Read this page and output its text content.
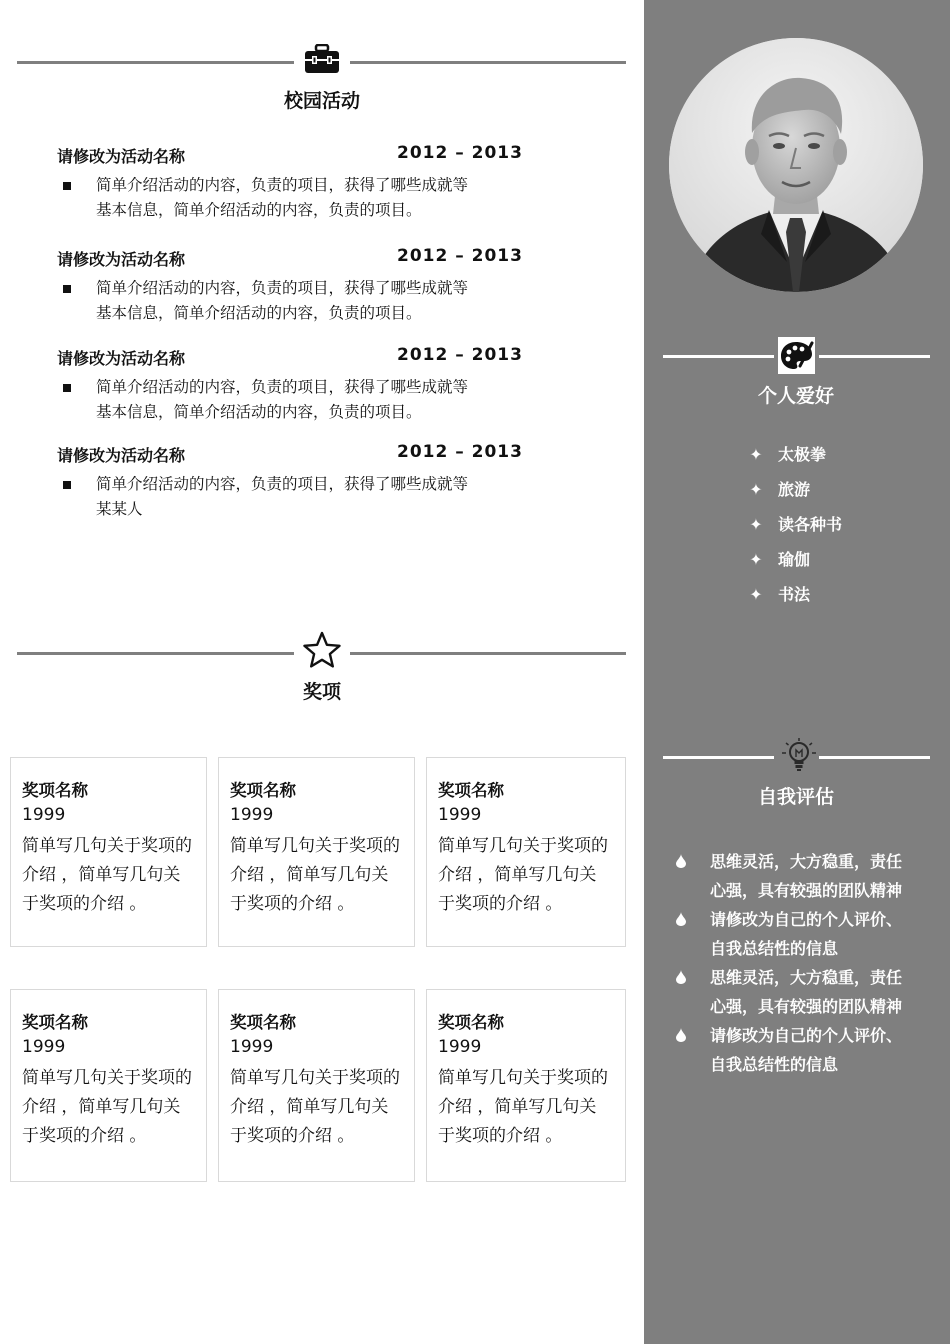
校园活动
请修改为活动名称	2012 – 2013
简单介绍活动的内容，负责的项目，获得了哪些成就等
基本信息，简单介绍活动的内容，负责的项目。
请修改为活动名称	2012 – 2013
简单介绍活动的内容，负责的项目，获得了哪些成就等
基本信息，简单介绍活动的内容，负责的项目。
请修改为活动名称	2012 – 2013
简单介绍活动的内容，负责的项目，获得了哪些成就等
基本信息，简单介绍活动的内容，负责的项目。
请修改为活动名称	2012 – 2013
简单介绍活动的内容，负责的项目，获得了哪些成就等
某某人
奖项
奖项名称
1999
简单写几句关于奖项的
介绍 ，简单写几句关
于奖项的介绍 。
奖项名称
1999
简单写几句关于奖项的
介绍 ，简单写几句关
于奖项的介绍 。
奖项名称
1999
简单写几句关于奖项的
介绍 ，简单写几句关
于奖项的介绍 。
奖项名称
1999
简单写几句关于奖项的
介绍 ，简单写几句关
于奖项的介绍 。
奖项名称
1999
简单写几句关于奖项的
介绍 ，简单写几句关
于奖项的介绍 。
奖项名称
1999
简单写几句关于奖项的
介绍 ，简单写几句关
于奖项的介绍 。
个人爱好
✦ 太极拳
✦ 旅游
✦ 读各种书
✦ 瑜伽
✦ 书法
自我评估
思维灵活，大方稳重，责任
心强，具有较强的团队精神
请修改为自己的个人评价、
自我总结性的信息
思维灵活，大方稳重，责任
心强，具有较强的团队精神
请修改为自己的个人评价、
自我总结性的信息
